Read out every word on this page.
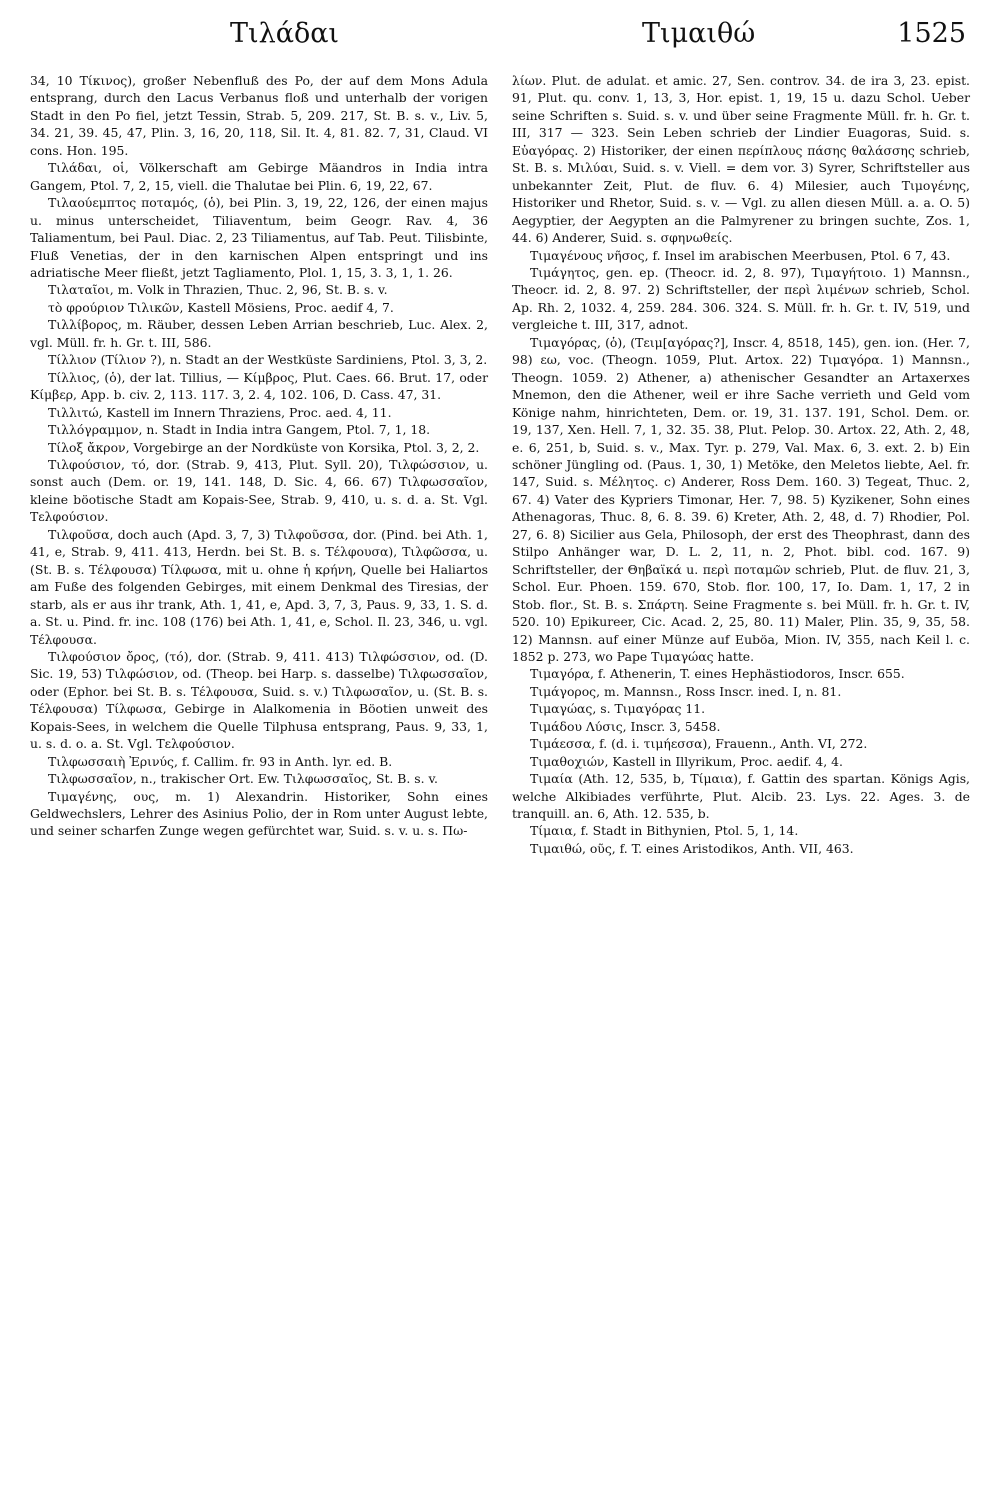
Τιλάδαι	Τιμαιθώ	1525

34, 10 Τίκινος), großer Nebenfluß des Po, der auf dem Mons Adula entsprang, durch den Lacus Verbanus floß und unterhalb der vorigen Stadt in den Po fiel, jetzt Tessin, Strab. 5, 209. 217, St. B. s. v., Liv. 5, 34. 21, 39. 45, 47, Plin. 3, 16, 20, 118, Sil. It. 4, 81. 82. 7, 31, Claud. VI cons. Hon. 195.

Τιλάδαι, οἱ, Völkerschaft am Gebirge Mäandros in India intra Gangem, Ptol. 7, 2, 15, viell. die Thalutae bei Plin. 6, 19, 22, 67.

Τιλαούεμπτος ποταμός, (ὁ), bei Plin. 3, 19, 22, 126, der einen majus u. minus unterscheidet, Tiliaventum, beim Geogr. Rav. 4, 36 Taliamentum, bei Paul. Diac. 2, 23 Tiliamentus, auf Tab. Peut. Tilisbinte, Fluß Venetias, der in den karnischen Alpen entspringt und ins adriatische Meer fließt, jetzt Tagliamento, Plol. 1, 15, 3. 3, 1, 1. 26.

Τιλαταῖοι, m. Volk in Thrazien, Thuc. 2, 96, St. B. s. v.

τὸ φρούριον Τιλικῶν, Kastell Mösiens, Proc. aedif 4, 7.

Τιλλίβορος, m. Räuber, dessen Leben Arrian beschrieb, Luc. Alex. 2, vgl. Müll. fr. h. Gr. t. III, 586.

Τίλλιον (Τίλιον ?), n. Stadt an der Westküste Sardiniens, Ptol. 3, 3, 2.

Τίλλιος, (ὁ), der lat. Tillius, — Κίμβρος, Plut. Caes. 66. Brut. 17, oder Κίμβερ, App. b. civ. 2, 113. 117. 3, 2. 4, 102. 106, D. Cass. 47, 31.

Τιλλιτώ, Kastell im Innern Thraziens, Proc. aed. 4, 11.

Τιλλόγραμμον, n. Stadt in India intra Gangem, Ptol. 7, 1, 18.

Τίλοξ ἄκρον, Vorgebirge an der Nordküste von Korsika, Ptol. 3, 2, 2.

Τιλφούσιον, τό, dor. (Strab. 9, 413, Plut. Syll. 20), Τιλφώσσιον, u. sonst auch (Dem. or. 19, 141. 148, D. Sic. 4, 66. 67) Τιλφωσσαῖον, kleine böotische Stadt am Kopais-See, Strab. 9, 410, u. s. d. a. St. Vgl. Τελφούσιον.

Τιλφοῦσα, doch auch (Apd. 3, 7, 3) Τιλφοῦσσα, dor. (Pind. bei Ath. 1, 41, e, Strab. 9, 411. 413, Herdn. bei St. B. s. Τέλφουσα), Τιλφῶσσα, u. (St. B. s. Τέλφουσα) Τίλφωσα, mit u. ohne ἡ κρήνη, Quelle bei Haliartos am Fuße des folgenden Gebirges, mit einem Denkmal des Tiresias, der starb, als er aus ihr trank, Ath. 1, 41, e, Apd. 3, 7, 3, Paus. 9, 33, 1. S. d. a. St. u. Pind. fr. inc. 108 (176) bei Ath. 1, 41, e, Schol. Il. 23, 346, u. vgl. Τέλφουσα.

Τιλφούσιον ὄρος, (τό), dor. (Strab. 9, 411. 413) Τιλφώσσιον, od. (D. Sic. 19, 53) Τιλφώσιον, od. (Theop. bei Harp. s. dasselbe) Τιλφωσσαῖον, oder (Ephor. bei St. B. s. Τέλφουσα, Suid. s. v.) Τιλφωσαῖον, u. (St. B. s. Τέλφουσα) Τίλφωσα, Gebirge in Alalkomenia in Böotien unweit des Kopais-Sees, in welchem die Quelle Tilphusa entsprang, Paus. 9, 33, 1, u. s. d. o. a. St. Vgl. Τελφούσιον.

Τιλφωσσαιὴ Ἐρινύς, f. Callim. fr. 93 in Anth. lyr. ed. B.

Τιλφωσσαῖον, n., trakischer Ort. Ew. Τιλφωσσαῖος, St. B. s. v.

Τιμαγένης, ους, m. 1) Alexandrin. Historiker, Sohn eines Geldwechslers, Lehrer des Asinius Polio, der in Rom unter August lebte, und seiner scharfen Zunge wegen gefürchtet war, Suid. s. v. u. s. Πω-

λίων. Plut. de adulat. et amic. 27, Sen. controv. 34. de ira 3, 23. epist. 91, Plut. qu. conv. 1, 13, 3, Hor. epist. 1, 19, 15 u. dazu Schol. Ueber seine Schriften s. Suid. s. v. und über seine Fragmente Müll. fr. h. Gr. t. III, 317 — 323. Sein Leben schrieb der Lindier Euagoras, Suid. s. Εὐαγόρας. 2) Historiker, der einen περίπλους πάσης θαλάσσης schrieb, St. B. s. Μιλύαι, Suid. s. v. Viell. = dem vor. 3) Syrer, Schriftsteller aus unbekannter Zeit, Plut. de fluv. 6. 4) Milesier, auch Τιμογένης, Historiker und Rhetor, Suid. s. v. — Vgl. zu allen diesen Müll. a. a. O. 5) Aegyptier, der Aegypten an die Palmyrener zu bringen suchte, Zos. 1, 44. 6) Anderer, Suid. s. σφηνωθείς.

Τιμαγένους νῆσος, f. Insel im arabischen Meerbusen, Ptol. 6 7, 43.

Τιμάγητος, gen. ep. (Theocr. id. 2, 8. 97), Τιμαγήτοιο. 1) Mannsn., Theocr. id. 2, 8. 97. 2) Schriftsteller, der περὶ λιμένων schrieb, Schol. Ap. Rh. 2, 1032. 4, 259. 284. 306. 324. S. Müll. fr. h. Gr. t. IV, 519, und vergleiche t. III, 317, adnot.

Τιμαγόρας, (ὁ), (Τειμ[αγόρας?], Inscr. 4, 8518, 145), gen. ion. (Her. 7, 98) εω, voc. (Theogn. 1059, Plut. Artox. 22) Τιμαγόρα. 1) Mannsn., Theogn. 1059. 2) Athener, a) athenischer Gesandter an Artaxerxes Mnemon, den die Athener, weil er ihre Sache verrieth und Geld vom Könige nahm, hinrichteten, Dem. or. 19, 31. 137. 191, Schol. Dem. or. 19, 137, Xen. Hell. 7, 1, 32. 35. 38, Plut. Pelop. 30. Artox. 22, Ath. 2, 48, e. 6, 251, b, Suid. s. v., Max. Tyr. p. 279, Val. Max. 6, 3. ext. 2. b) Ein schöner Jüngling od. (Paus. 1, 30, 1) Metöke, den Meletos liebte, Ael. fr. 147, Suid. s. Μέλητος. c) Anderer, Ross Dem. 160. 3) Tegeat, Thuc. 2, 67. 4) Vater des Kypriers Timonar, Her. 7, 98. 5) Kyzikener, Sohn eines Athenagoras, Thuc. 8, 6. 8. 39. 6) Kreter, Ath. 2, 48, d. 7) Rhodier, Pol. 27, 6. 8) Sicilier aus Gela, Philosoph, der erst des Theophrast, dann des Stilpo Anhänger war, D. L. 2, 11, n. 2, Phot. bibl. cod. 167. 9) Schriftsteller, der Θηβαϊκά u. περὶ ποταμῶν schrieb, Plut. de fluv. 21, 3, Schol. Eur. Phoen. 159. 670, Stob. flor. 100, 17, Io. Dam. 1, 17, 2 in Stob. flor., St. B. s. Σπάρτη. Seine Fragmente s. bei Müll. fr. h. Gr. t. IV, 520. 10) Epikureer, Cic. Acad. 2, 25, 80. 11) Maler, Plin. 35, 9, 35, 58. 12) Mannsn. auf einer Münze auf Euböa, Mion. IV, 355, nach Keil l. c. 1852 p. 273, wo Pape Τιμαγώας hatte.

Τιμαγόρα, f. Athenerin, T. eines Hephästiodoros, Inscr. 655.

Τιμάγορος, m. Mannsn., Ross Inscr. ined. I, n. 81.

Τιμαγώας, s. Τιμαγόρας 11.

Τιμάδου Λύσις, Inscr. 3, 5458.

Τιμάεσσα, f. (d. i. τιμήεσσα), Frauenn., Anth. VI, 272.

Τιμαθοχιών, Kastell in Illyrikum, Proc. aedif. 4, 4.

Τιμαία (Ath. 12, 535, b, Τίμαια), f. Gattin des spartan. Königs Agis, welche Alkibiades verführte, Plut. Alcib. 23. Lys. 22. Ages. 3. de tranquill. an. 6, Ath. 12. 535, b.

Τίμαια, f. Stadt in Bithynien, Ptol. 5, 1, 14.

Τιμαιθώ, οῦς, f. T. eines Aristodikos, Anth. VII, 463.
